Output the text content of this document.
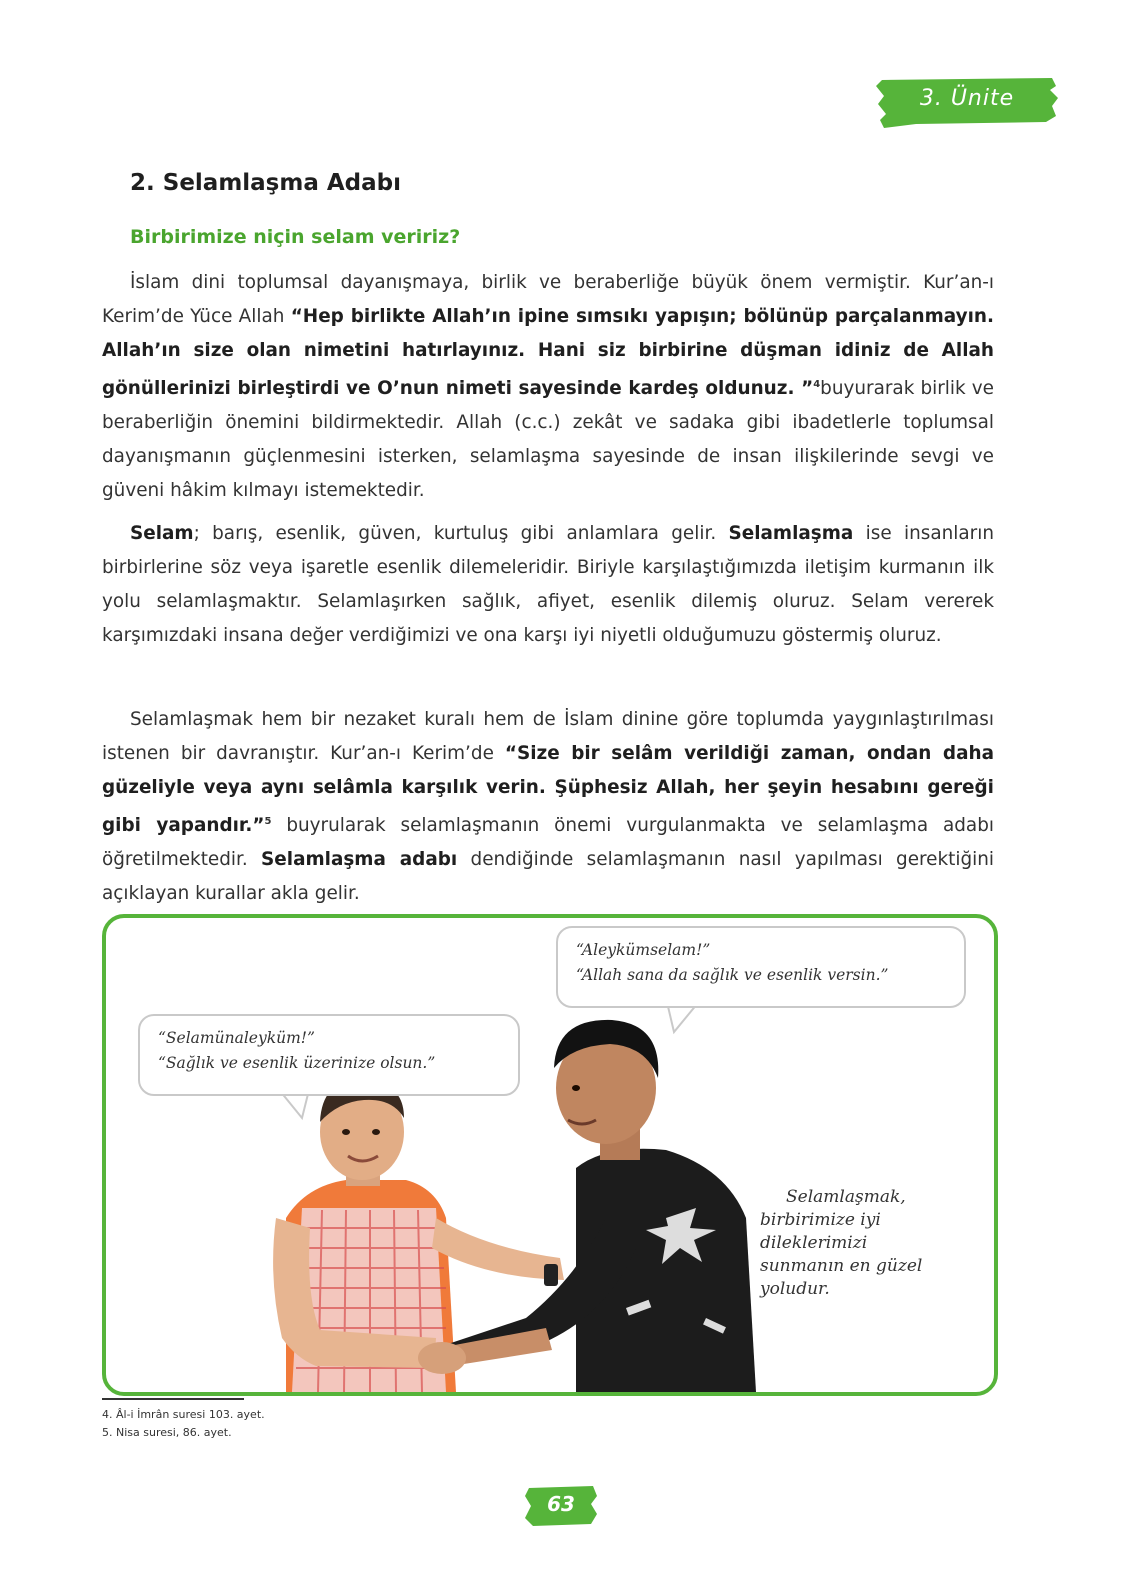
3. Ünite
2. Selamlaşma Adabı
Birbirimize niçin selam veririz?

İslam dini toplumsal dayanışmaya, birlik ve beraberliğe büyük önem vermiştir. Kur’an-ı Kerim’de Yüce Allah “Hep birlikte Allah’ın ipine sımsıkı yapışın; bölünüp parçalanmayın. Allah’ın size olan nimetini hatırlayınız. Hani siz birbirine düşman idiniz de Allah gönüllerinizi birleştirdi ve O’nun nimeti sayesinde kardeş oldunuz. ”$^4$buyurarak birlik ve beraberliğin önemini bildirmektedir. Allah (c.c.) zekât ve sadaka gibi ibadetlerle toplumsal dayanışmanın güçlenmesini isterken, selamlaşma sayesinde de insan ilişkilerinde sevgi ve güveni hâkim kılmayı istemektedir.

Selam; barış, esenlik, güven, kurtuluş gibi anlamlara gelir. Selamlaşma ise insanların birbirlerine söz veya işaretle esenlik dilemeleridir. Biriyle karşılaştığımızda iletişim kurmanın ilk yolu selamlaşmaktır. Selamlaşırken sağlık, afiyet, esenlik dilemiş oluruz. Selam vererek karşımızdaki insana değer verdiğimizi ve ona karşı iyi niyetli olduğumuzu göstermiş oluruz.

Selamlaşmak hem bir nezaket kuralı hem de İslam dinine göre toplumda yaygınlaştırılması istenen bir davranıştır. Kur’an-ı Kerim’de “Size bir selâm verildiği zaman, ondan daha güzeliyle veya aynı selâmla karşılık verin. Şüphesiz Allah, her şeyin hesabını gereği gibi yapandır.”$^5$ buyrularak selamlaşmanın önemi vurgulanmakta ve selamlaşma adabı öğretilmektedir. Selamlaşma adabı dendiğinde selamlaşmanın nasıl yapılması gerektiğini açıklayan kurallar akla gelir.

“Selamünaleyküm!”

“Sağlık ve esenlik üzerinize olsun.”

“Aleykümselam!”

“Allah sana da sağlık ve esenlik versin.”

Selamlaşmak, birbirimize iyi dileklerimizi sunmanın en güzel yoludur.
4. Âl-i İmrân suresi 103. ayet.
5. Nisa suresi, 86. ayet.
63
